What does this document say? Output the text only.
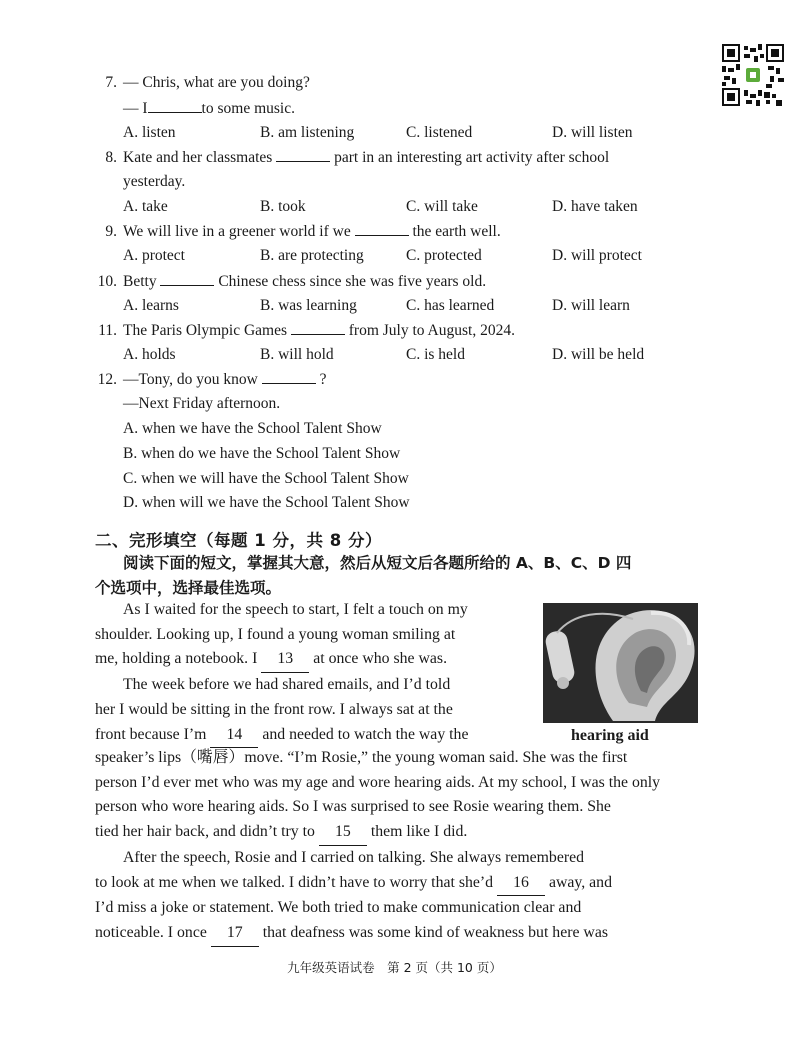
7. — Chris, what are you doing?
— I	to some music.
A. listen	B. am listening	C. listened	D. will listen
8. Kate and her classmates	part in an interesting art activity after school
yesterday.
A. take	B. took	C. will take	D. have taken
9. We will live in a greener world if we	the earth well.
A. protect	B. are protecting	C. protected	D. will protect
10. Betty	Chinese chess since she was five years old.
A. learns	B. was learning	C. has learned	D. will learn
11. The Paris Olympic Games	from July to August, 2024.
A. holds	B. will hold	C. is held	D. will be held
12. —Tony, do you know	?
—Next Friday afternoon.
A. when we have the School Talent Show
B. when do we have the School Talent Show
C. when we will have the School Talent Show
D. when will we have the School Talent Show
二、完形填空（每题 1 分，共 8 分）
阅读下面的短文，掌握其大意，然后从短文后各题所给的 A、B、C、D 四
个选项中，选择最佳选项。
As I waited for the speech to start, I felt a touch on my
shoulder. Looking up, I found a young woman smiling at
me, holding a notebook. I 13 at once who she was.
The week before we had shared emails, and I’d told
her I would be sitting in the front row. I always sat at the
front because I’m 14 and needed to watch the way the	hearing aid
speaker’s lips（嘴唇）move. “I’m Rosie,” the young woman said. She was the first
person I’d ever met who was my age and wore hearing aids. At my school, I was the only
person who wore hearing aids. So I was surprised to see Rosie wearing them. She
tied her hair back, and didn’t try to 15 them like I did.
After the speech, Rosie and I carried on talking. She always remembered
to look at me when we talked. I didn’t have to worry that she’d 16 away, and
I’d miss a joke or statement. We both tried to make communication clear and
noticeable. I once 17 that deafness was some kind of weakness but here was
九年级英语试卷　第 2 页（共 10 页）
